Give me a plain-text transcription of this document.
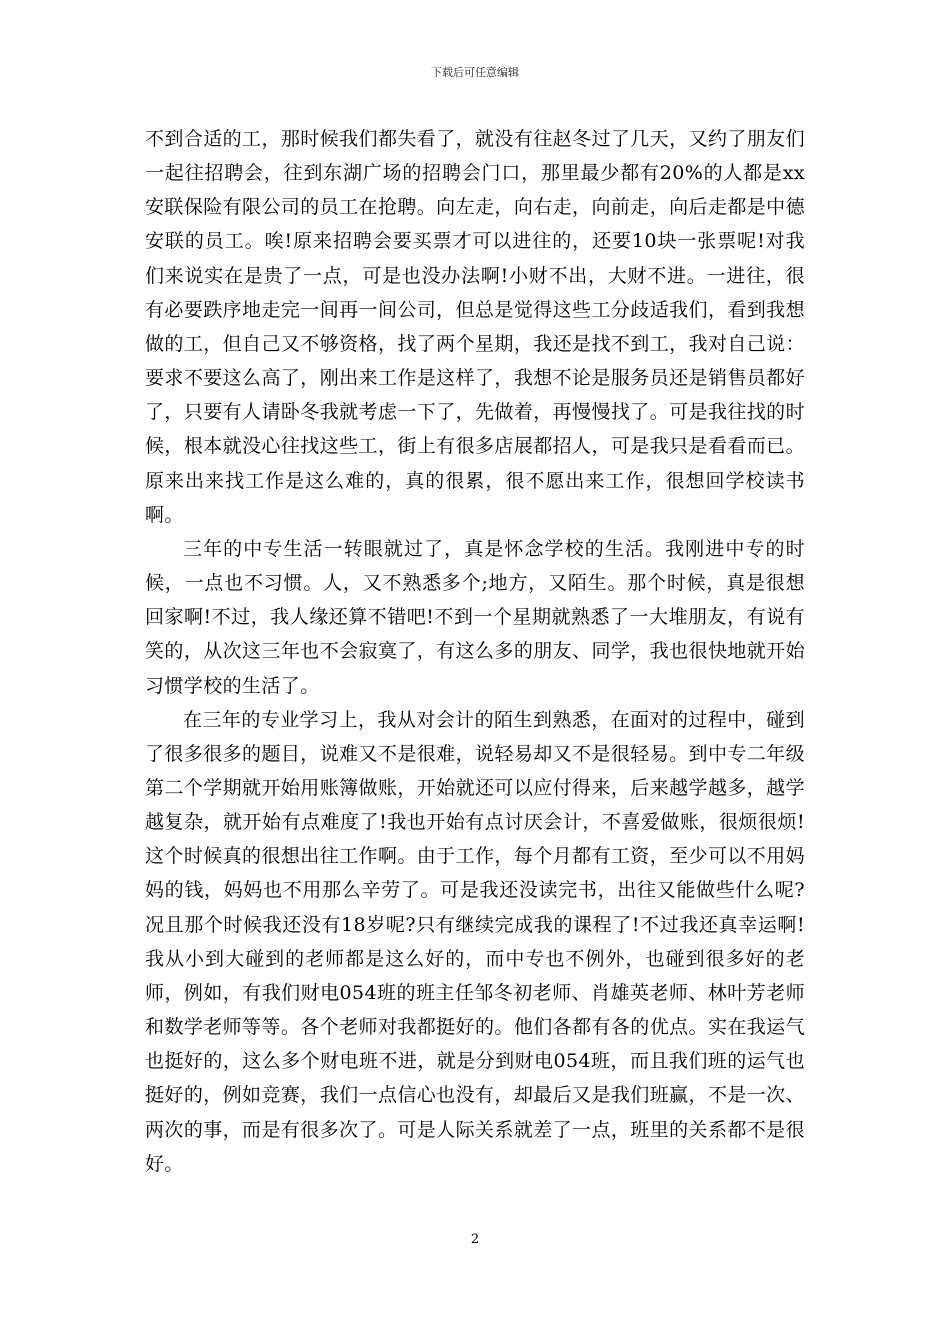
下载后可任意编辑

不到合适的工，那时候我们都失看了，就没有往赵冬过了几天，又约了朋友们一起往招聘会，往到东湖广场的招聘会门口，那里最少都有20%的人都是xx安联保险有限公司的员工在抢聘。向左走，向右走，向前走，向后走都是中德安联的员工。唉!原来招聘会要买票才可以进往的，还要10块一张票呢!对我们来说实在是贵了一点，可是也没办法啊!小财不出，大财不进。一进往，很有必要跌序地走完一间再一间公司，但总是觉得这些工分歧适我们，看到我想做的工，但自己又不够资格，找了两个星期，我还是找不到工，我对自己说：要求不要这么高了，刚出来工作是这样了，我想不论是服务员还是销售员都好了，只要有人请卧冬我就考虑一下了，先做着，再慢慢找了。可是我往找的时候，根本就没心往找这些工，街上有很多店展都招人，可是我只是看看而已。原来出来找工作是这么难的，真的很累，很不愿出来工作，很想回学校读书啊。

三年的中专生活一转眼就过了，真是怀念学校的生活。我刚进中专的时候，一点也不习惯。人，又不熟悉多个;地方，又陌生。那个时候，真是很想回家啊!不过，我人缘还算不错吧!不到一个星期就熟悉了一大堆朋友，有说有笑的，从次这三年也不会寂寞了，有这么多的朋友、同学，我也很快地就开始习惯学校的生活了。

在三年的专业学习上，我从对会计的陌生到熟悉，在面对的过程中，碰到了很多很多的题目，说难又不是很难，说轻易却又不是很轻易。到中专二年级第二个学期就开始用账簿做账，开始就还可以应付得来，后来越学越多，越学越复杂，就开始有点难度了!我也开始有点讨厌会计，不喜爱做账，很烦很烦!这个时候真的很想出往工作啊。由于工作，每个月都有工资，至少可以不用妈妈的钱，妈妈也不用那么辛劳了。可是我还没读完书，出往又能做些什么呢?况且那个时候我还没有18岁呢?只有继续完成我的课程了!不过我还真幸运啊!我从小到大碰到的老师都是这么好的，而中专也不例外，也碰到很多好的老师，例如，有我们财电054班的班主任邹冬初老师、肖雄英老师、林叶芳老师和数学老师等等。各个老师对我都挺好的。他们各都有各的优点。实在我运气也挺好的，这么多个财电班不进，就是分到财电054班，而且我们班的运气也挺好的，例如竞赛，我们一点信心也没有，却最后又是我们班赢，不是一次、两次的事，而是有很多次了。可是人际关系就差了一点，班里的关系都不是很好。

2
